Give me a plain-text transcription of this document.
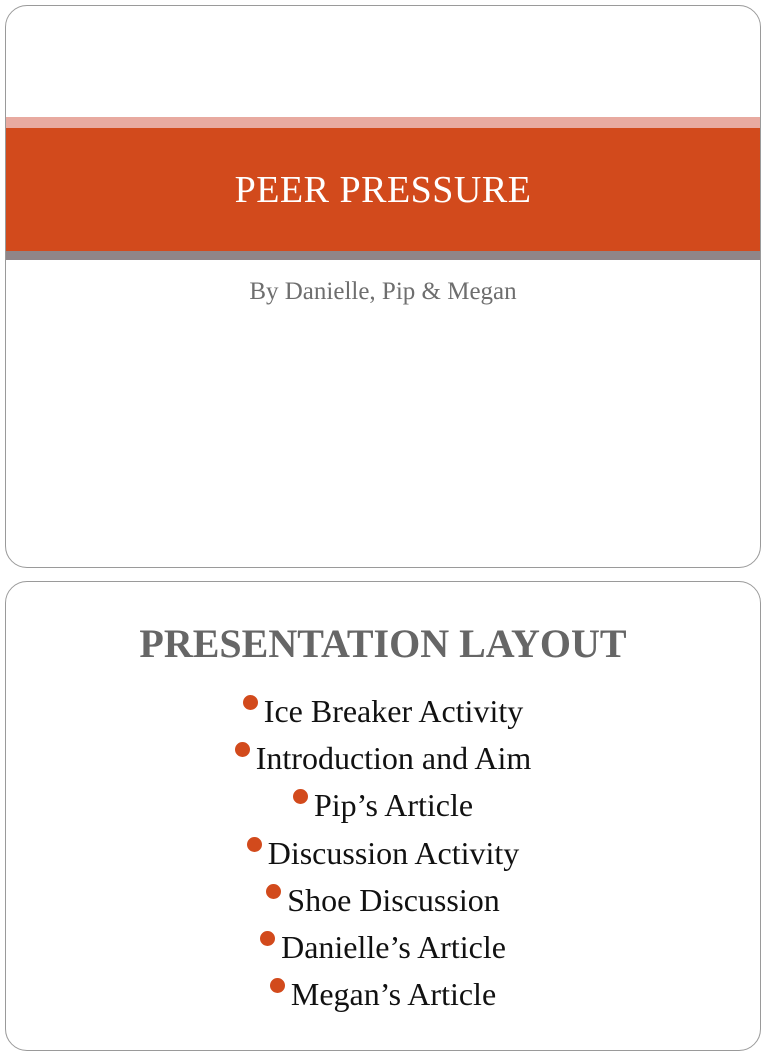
PEER PRESSURE
By Danielle, Pip & Megan
PRESENTATION LAYOUT
Ice Breaker Activity
Introduction and Aim
Pip’s Article
Discussion Activity
Shoe Discussion
Danielle’s Article
Megan’s Article
